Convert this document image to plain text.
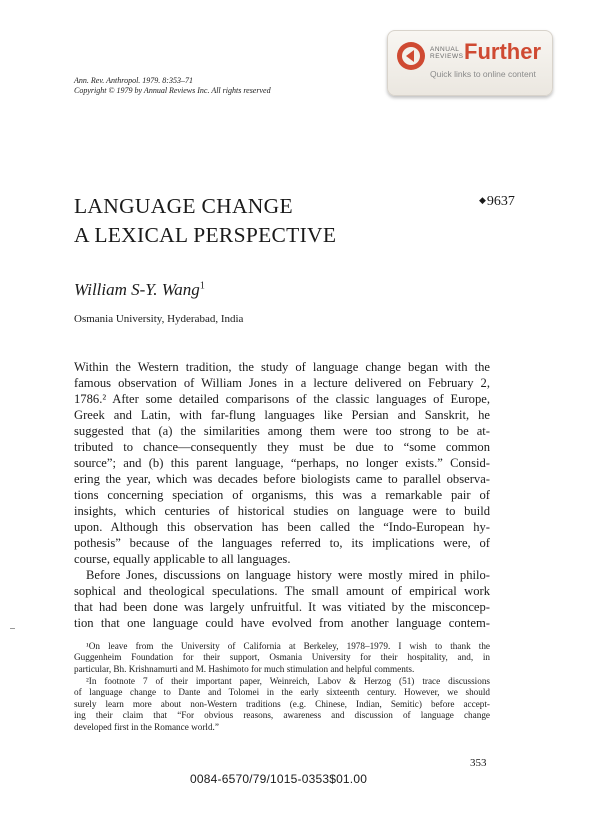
ANNUAL
REVIEWS Further
Quick links to online content
Ann. Rev. Anthropol. 1979. 8:353–71
Copyright © 1979 by Annual Reviews Inc. All rights reserved
LANGUAGE CHANGE
A LEXICAL PERSPECTIVE
◆9637
William S-Y. Wang$^1$
Osmania University, Hyderabad, India
Within the Western tradition, the study of language change began with the
famous observation of William Jones in a lecture delivered on February 2,
1786.² After some detailed comparisons of the classic languages of Europe,
Greek and Latin, with far-flung languages like Persian and Sanskrit, he
suggested that (a) the similarities among them were too strong to be at-
tributed to chance—consequently they must be due to “some common
source”; and (b) this parent language, “perhaps, no longer exists.” Consid-
ering the year, which was decades before biologists came to parallel observa-
tions concerning speciation of organisms, this was a remarkable pair of
insights, which centuries of historical studies on language were to build
upon. Although this observation has been called the “Indo-European hy-
pothesis” because of the languages referred to, its implications were, of
course, equally applicable to all languages.
Before Jones, discussions on language history were mostly mired in philo-
sophical and theological speculations. The small amount of empirical work
that had been done was largely unfruitful. It was vitiated by the misconcep-
tion that one language could have evolved from another language contem-
¹On leave from the University of California at Berkeley, 1978–1979. I wish to thank the
Guggenheim Foundation for their support, Osmania University for their hospitality, and, in
particular, Bh. Krishnamurti and M. Hashimoto for much stimulation and helpful comments.
²In footnote 7 of their important paper, Weinreich, Labov & Herzog (51) trace discussions
of language change to Dante and Tolomei in the early sixteenth century. However, we should
surely learn more about non-Western traditions (e.g. Chinese, Indian, Semitic) before accept-
ing their claim that “For obvious reasons, awareness and discussion of language change
developed first in the Romance world.”
353
0084-6570/79/1015-0353$01.00
